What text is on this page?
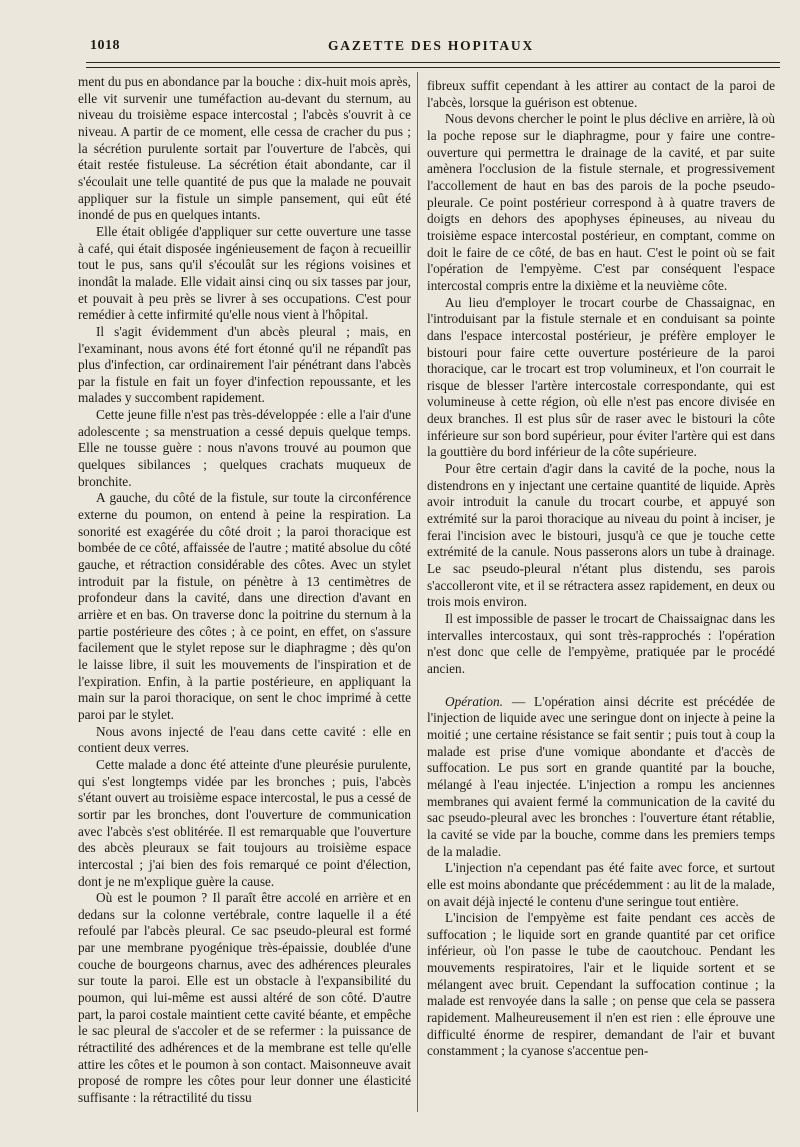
1018	GAZETTE DES HOPITAUX

ment du pus en abondance par la bouche : dix-huit mois après, elle vit survenir une tuméfaction au-devant du sternum, au niveau du troisième espace intercostal ; l'abcès s'ouvrit à ce niveau. A partir de ce moment, elle cessa de cracher du pus ; la sécrétion purulente sortait par l'ouverture de l'abcès, qui était restée fistuleuse. La sécrétion était abondante, car il s'écoulait une telle quantité de pus que la malade ne pouvait appliquer sur la fistule un simple pansement, qui eût été inondé de pus en quelques intants.

Elle était obligée d'appliquer sur cette ouverture une tasse à café, qui était disposée ingénieusement de façon à recueillir tout le pus, sans qu'il s'écoulât sur les régions voisines et inondât la malade. Elle vidait ainsi cinq ou six tasses par jour, et pouvait à peu près se livrer à ses occupations. C'est pour remédier à cette infirmité qu'elle nous vient à l'hôpital.

Il s'agit évidemment d'un abcès pleural ; mais, en l'examinant, nous avons été fort étonné qu'il ne répandît pas plus d'infection, car ordinairement l'air pénétrant dans l'abcès par la fistule en fait un foyer d'infection repoussante, et les malades y succombent rapidement.

Cette jeune fille n'est pas très-développée : elle a l'air d'une adolescente ; sa menstruation a cessé depuis quelque temps. Elle ne tousse guère : nous n'avons trouvé au poumon que quelques sibilances ; quelques crachats muqueux de bronchite.

A gauche, du côté de la fistule, sur toute la circonférence externe du poumon, on entend à peine la respiration. La sonorité est exagérée du côté droit ; la paroi thoracique est bombée de ce côté, affaissée de l'autre ; matité absolue du côté gauche, et rétraction considérable des côtes. Avec un stylet introduit par la fistule, on pénètre à 13 centimètres de profondeur dans la cavité, dans une direction d'avant en arrière et en bas. On traverse donc la poitrine du sternum à la partie postérieure des côtes ; à ce point, en effet, on s'assure facilement que le stylet repose sur le diaphragme ; dès qu'on le laisse libre, il suit les mouvements de l'inspiration et de l'expiration. Enfin, à la partie postérieure, en appliquant la main sur la paroi thoracique, on sent le choc imprimé à cette paroi par le stylet.

Nous avons injecté de l'eau dans cette cavité : elle en contient deux verres.

Cette malade a donc été atteinte d'une pleurésie purulente, qui s'est longtemps vidée par les bronches ; puis, l'abcès s'étant ouvert au troisième espace intercostal, le pus a cessé de sortir par les bronches, dont l'ouverture de communication avec l'abcès s'est oblitérée. Il est remarquable que l'ouverture des abcès pleuraux se fait toujours au troisième espace intercostal ; j'ai bien des fois remarqué ce point d'élection, dont je ne m'explique guère la cause.

Où est le poumon ? Il paraît être accolé en arrière et en dedans sur la colonne vertébrale, contre laquelle il a été refoulé par l'abcès pleural. Ce sac pseudo-pleural est formé par une membrane pyogénique très-épaissie, doublée d'une couche de bourgeons charnus, avec des adhérences pleurales sur toute la paroi. Elle est un obstacle à l'expansibilité du poumon, qui lui-même est aussi altéré de son côté. D'autre part, la paroi costale maintient cette cavité béante, et empêche le sac pleural de s'accoler et de se refermer : la puissance de rétractilité des adhérences et de la membrane est telle qu'elle attire les côtes et le poumon à son contact. Maisonneuve avait proposé de rompre les côtes pour leur donner une élasticité suffisante : la rétractilité du tissu

fibreux suffit cependant à les attirer au contact de la paroi de l'abcès, lorsque la guérison est obtenue.

Nous devons chercher le point le plus déclive en arrière, là où la poche repose sur le diaphragme, pour y faire une contre-ouverture qui permettra le drainage de la cavité, et par suite amènera l'occlusion de la fistule sternale, et progressivement l'accollement de haut en bas des parois de la poche pseudo-pleurale. Ce point postérieur correspond à à quatre travers de doigts en dehors des apophyses épineuses, au niveau du troisième espace intercostal postérieur, en comptant, comme on doit le faire de ce côté, de bas en haut. C'est le point où se fait l'opération de l'empyème. C'est par conséquent l'espace intercostal compris entre la dixième et la neuvième côte.

Au lieu d'employer le trocart courbe de Chassaignac, en l'introduisant par la fistule sternale et en conduisant sa pointe dans l'espace intercostal postérieur, je préfère employer le bistouri pour faire cette ouverture postérieure de la paroi thoracique, car le trocart est trop volumineux, et l'on courrait le risque de blesser l'artère intercostale correspondante, qui est volumineuse à cette région, où elle n'est pas encore divisée en deux branches. Il est plus sûr de raser avec le bistouri la côte inférieure sur son bord supérieur, pour éviter l'artère qui est dans la gouttière du bord inférieur de la côte supérieure.

Pour être certain d'agir dans la cavité de la poche, nous la distendrons en y injectant une certaine quantité de liquide. Après avoir introduit la canule du trocart courbe, et appuyé son extrémité sur la paroi thoracique au niveau du point à inciser, je ferai l'incision avec le bistouri, jusqu'à ce que je touche cette extrémité de la canule. Nous passerons alors un tube à drainage. Le sac pseudo-pleural n'étant plus distendu, ses parois s'accolleront vite, et il se rétractera assez rapidement, en deux ou trois mois environ.

Il est impossible de passer le trocart de Chaissaignac dans les intervalles intercostaux, qui sont très-rapprochés : l'opération n'est donc que celle de l'empyème, pratiquée par le procédé ancien.

Opération. — L'opération ainsi décrite est précédée de l'injection de liquide avec une seringue dont on injecte à peine la moitié ; une certaine résistance se fait sentir ; puis tout à coup la malade est prise d'une vomique abondante et d'accès de suffocation. Le pus sort en grande quantité par la bouche, mélangé à l'eau injectée. L'injection a rompu les anciennes membranes qui avaient fermé la communication de la cavité du sac pseudo-pleural avec les bronches : l'ouverture étant rétablie, la cavité se vide par la bouche, comme dans les premiers temps de la maladie.

L'injection n'a cependant pas été faite avec force, et surtout elle est moins abondante que précédemment : au lit de la malade, on avait déjà injecté le contenu d'une seringue tout entière.

L'incision de l'empyème est faite pendant ces accès de suffocation ; le liquide sort en grande quantité par cet orifice inférieur, où l'on passe le tube de caoutchouc. Pendant les mouvements respiratoires, l'air et le liquide sortent et se mélangent avec bruit. Cependant la suffocation continue ; la malade est renvoyée dans la salle ; on pense que cela se passera rapidement. Malheureusement il n'en est rien : elle éprouve une difficulté énorme de respirer, demandant de l'air et buvant constamment ; la cyanose s'accentue pen-
